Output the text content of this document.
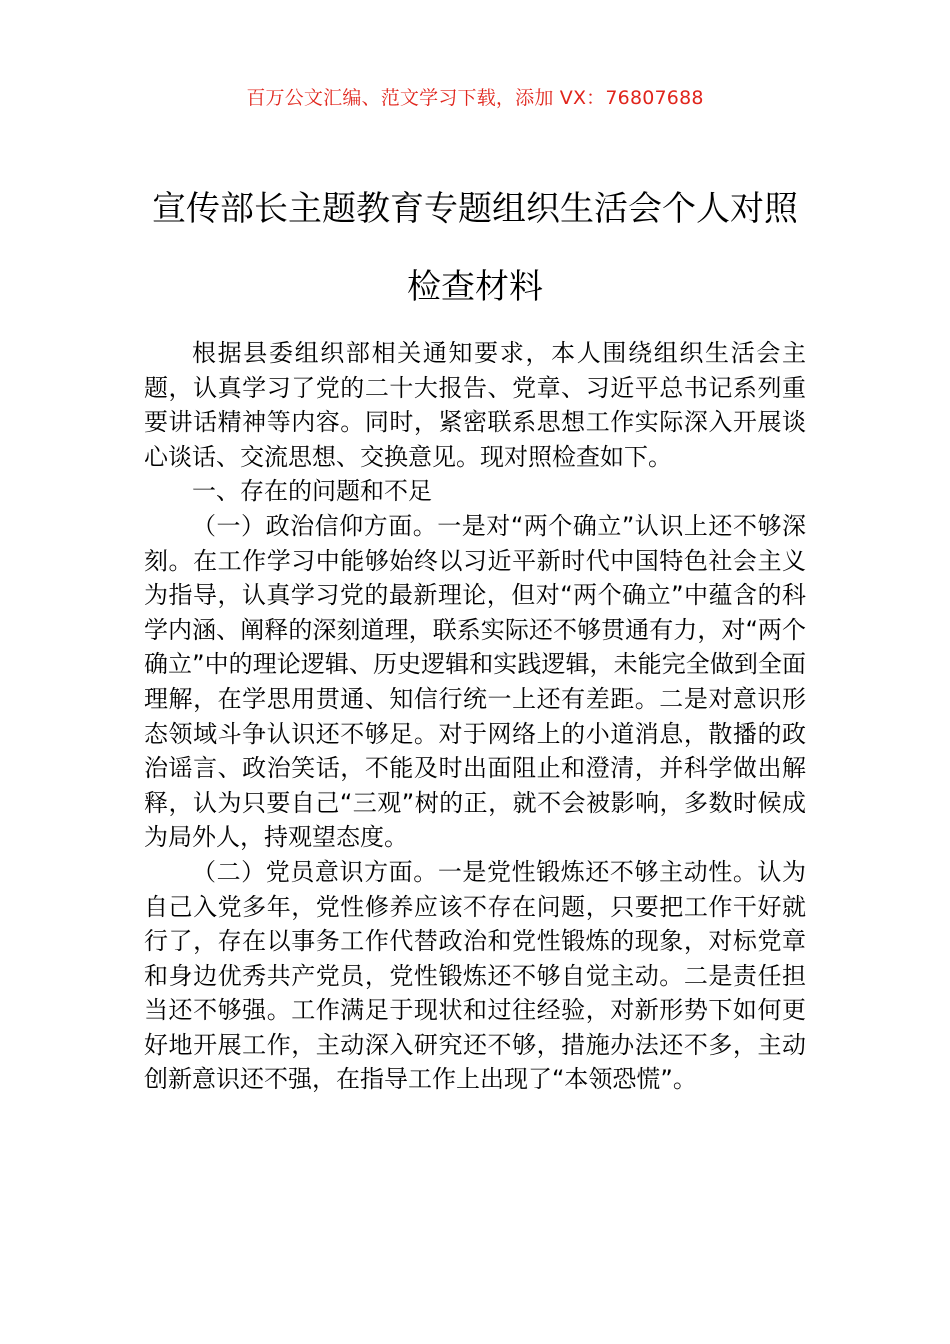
百万公文汇编、范文学习下载，添加 VX：76807688
宣传部长主题教育专题组织生活会个人对照检查材料

根据县委组织部相关通知要求，本人围绕组织生活会主题，认真学习了党的二十大报告、党章、习近平总书记系列重要讲话精神等内容。同时，紧密联系思想工作实际深入开展谈心谈话、交流思想、交换意见。现对照检查如下。

一、存在的问题和不足

（一）政治信仰方面。一是对“两个确立”认识上还不够深刻。在工作学习中能够始终以习近平新时代中国特色社会主义为指导，认真学习党的最新理论，但对“两个确立”中蕴含的科学内涵、阐释的深刻道理，联系实际还不够贯通有力，对“两个确立”中的理论逻辑、历史逻辑和实践逻辑，未能完全做到全面理解，在学思用贯通、知信行统一上还有差距。二是对意识形态领域斗争认识还不够足。对于网络上的小道消息，散播的政治谣言、政治笑话，不能及时出面阻止和澄清，并科学做出解释，认为只要自己“三观”树的正，就不会被影响，多数时候成为局外人，持观望态度。

（二）党员意识方面。一是党性锻炼还不够主动性。认为自己入党多年，党性修养应该不存在问题，只要把工作干好就行了，存在以事务工作代替政治和党性锻炼的现象，对标党章和身边优秀共产党员，党性锻炼还不够自觉主动。二是责任担当还不够强。工作满足于现状和过往经验，对新形势下如何更好地开展工作，主动深入研究还不够，措施办法还不多，主动创新意识还不强，在指导工作上出现了“本领恐慌”。
